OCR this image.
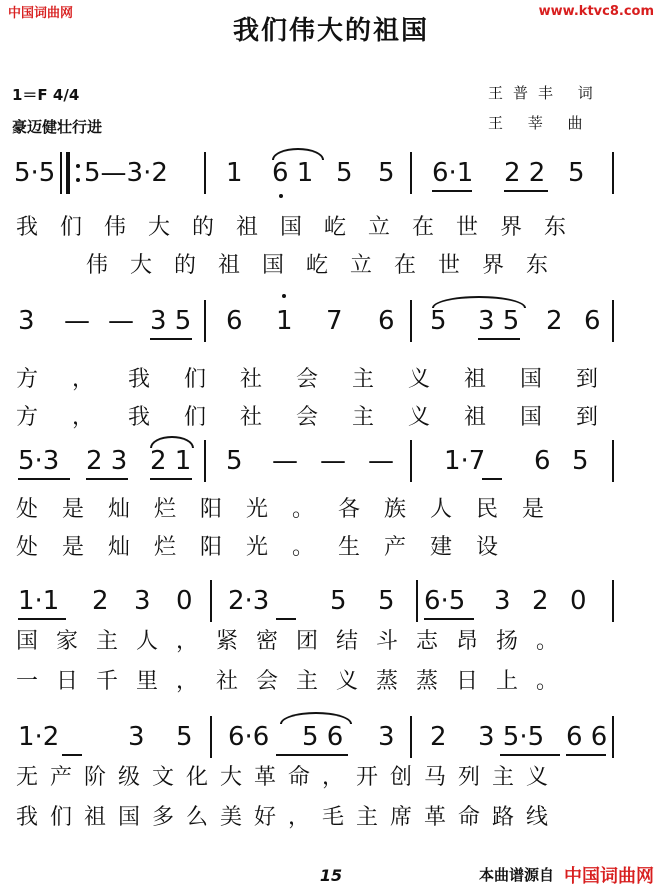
中国词曲网	www.ktvc8.com
我们伟大的祖国
1＝F 4/4
豪迈健壮行进
王普丰 词
王 莘 曲
5·5 5—3·2 1 6 1 5 5 6·1 2 2 5
我们伟大的祖国屹立在世界东
伟大的祖国屹立在世界东
3 — — 3 5 6 1 7 6 5 3 5 2 6
方，我们社会主义祖国到
方，我们社会主义祖国到
5·3 2 3 2 1 5 — — — 1·7 6 5
处是灿烂阳光。各族人民是
处是灿烂阳光。生产建设
1·1 2 3 0 2·3 5 5 6·5 3 2 0
国家主人，紧密团结斗志昂扬。
一日千里，社会主义蒸蒸日上。
1·2	3 5 6·6 5 6 3 2 3 5·5 6 6
无产阶级文化大革命，开创马列主义
我们祖国多么美好，毛主席革命路线
15	本曲谱源自 中国词曲网
